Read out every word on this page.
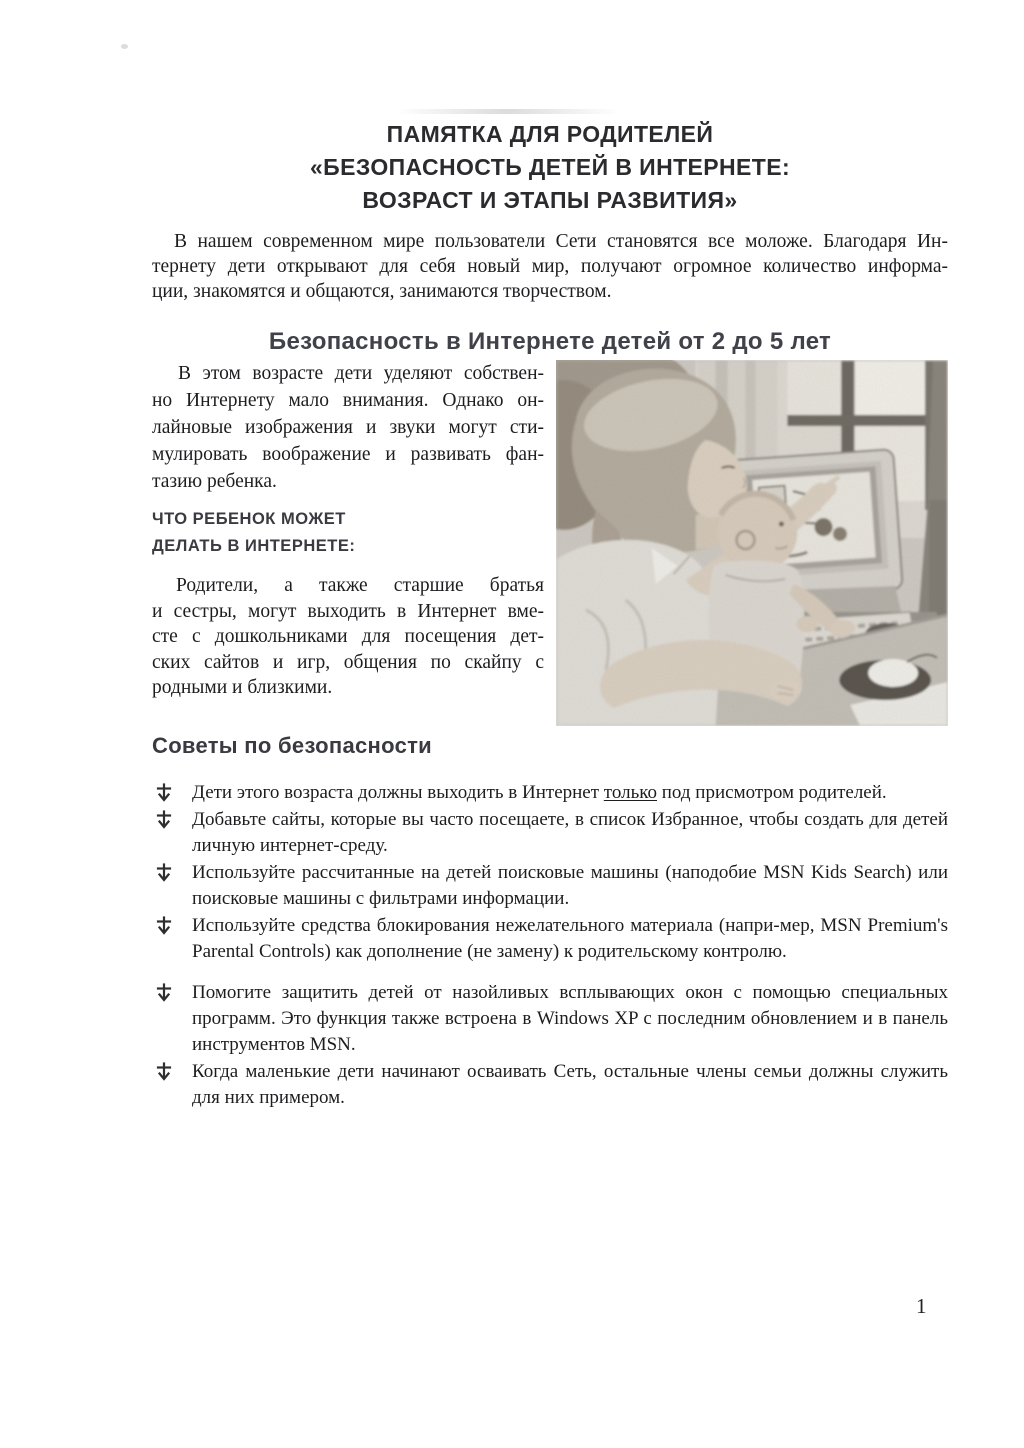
ПАМЯТКА ДЛЯ РОДИТЕЛЕЙ
«БЕЗОПАСНОСТЬ ДЕТЕЙ В ИНТЕРНЕТЕ:
ВОЗРАСТ И ЭТАПЫ РАЗВИТИЯ»
В нашем современном мире пользователи Сети становятся все моложе. Благодаря Ин-
тернету дети открывают для себя новый мир, получают огромное количество информа-
ции, знакомятся и общаются, занимаются творчеством.
Безопасность в Интернете детей от 2 до 5 лет
В этом возрасте дети уделяют собствен-
но Интернету мало внимания. Однако он-
лайновые изображения и звуки могут сти-
мулировать воображение и развивать фан-
тазию ребенка.
ЧТО РЕБЕНОК МОЖЕТ
ДЕЛАТЬ В ИНТЕРНЕТЕ:
Родители, а также старшие братья
и сестры, могут выходить в Интернет вме-
сте с дошкольниками для посещения дет-
ских сайтов и игр, общения по скайпу с
родными и близкими.
Советы по безопасности
Дети этого возраста должны выходить в Интернет только под присмотром родителей.
Добавьте сайты, которые вы часто посещаете, в список Избранное, чтобы создать для детей личную интернет-среду.
Используйте рассчитанные на детей поисковые машины (наподобие MSN Kids Search) или поисковые машины с фильтрами информации.
Используйте средства блокирования нежелательного материала (напри-мер, MSN Premium's Parental Controls) как дополнение (не замену) к родительскому контролю.
Помогите защитить детей от назойливых всплывающих окон с помощью специальных программ. Это функция также встроена в Windows XP с последним обновлением и в панель инструментов MSN.
Когда маленькие дети начинают осваивать Сеть, остальные члены семьи должны служить для них примером.
1
